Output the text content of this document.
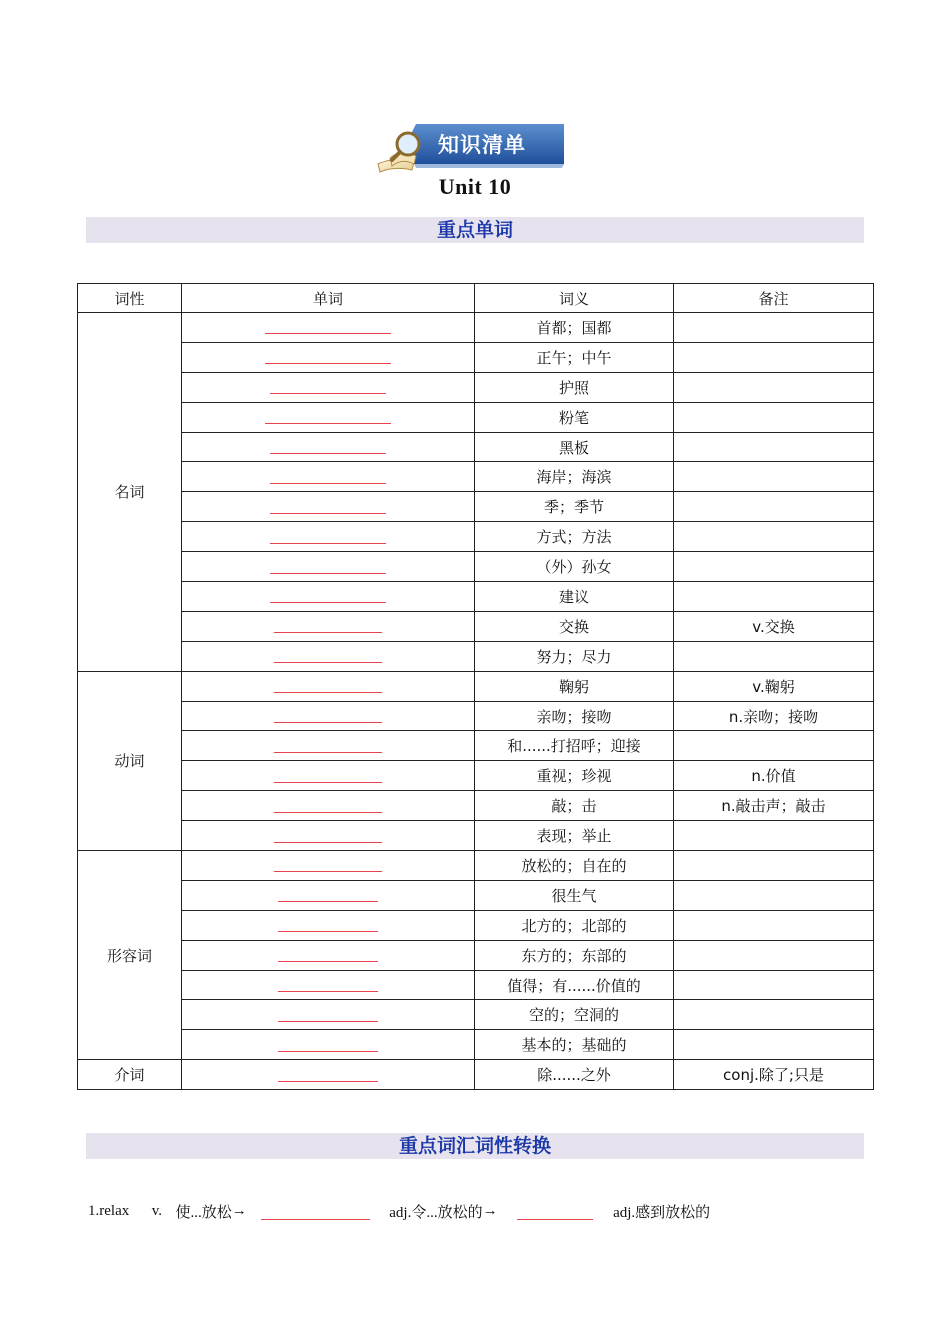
知识清单
Unit 10
重点单词
词性	单词	词义	备注
名词		首都；国都	
		正午；中午	
		护照	
		粉笔	
		黑板	
		海岸；海滨	
		季；季节	
		方式；方法	
		（外）孙女	
		建议	
		交换	v.交换
		努力；尽力	
动词		鞠躬	v.鞠躬
		亲吻；接吻	n.亲吻；接吻
		和......打招呼；迎接	
		重视；珍视	n.价值
		敲；击	n.敲击声；敲击
		表现；举止	
形容词		放松的；自在的	
		很生气	
		北方的；北部的	
		东方的；东部的	
		值得；有......价值的	
		空的；空洞的	
		基本的；基础的	
介词		除......之外	conj.除了;只是
重点词汇词性转换
1.relax v. 使...放松→	adj.令...放松的→	adj.感到放松的
